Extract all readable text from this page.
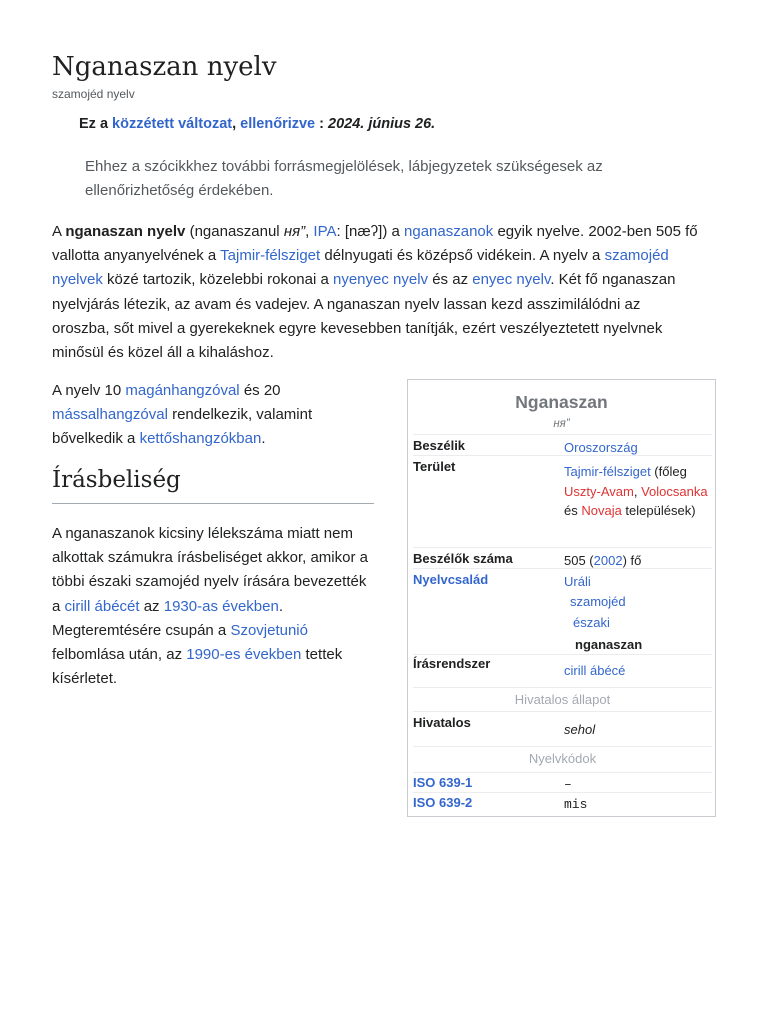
Nganaszan nyelv
szamojéd nyelv
Ez a közzétett változat, ellenőrizve : 2024. június 26.
Ehhez a szócikkhez további forrásmegjelölések, lábjegyzetek szükségesek az ellenőrizhetőség érdekében.

A nganaszan nyelv (nganaszanul ня”, IPA: [næʔ]) a nganaszanok egyik nyelve. 2002-ben 505 fő vallotta anyanyelvének a Tajmir-félsziget délnyugati és középső vidékein. A nyelv a szamojéd nyelvek közé tartozik, közelebbi rokonai a nyenyec nyelv és az enyec nyelv. Két fő nganaszan nyelvjárás létezik, az avam és vadejev. A nganaszan nyelv lassan kezd asszimilálódni az oroszba, sőt mivel a gyerekeknek egyre kevesebben tanítják, ezért veszélyeztetett nyelvnek minősül és közel áll a kihaláshoz.

A nyelv 10 magánhangzóval és 20 mássalhangzóval rendelkezik, valamint bővelkedik a kettőshangzókban.

Írásbeliség

A nganaszanok kicsiny lélekszáma miatt nem alkottak számukra írásbeliséget akkor, amikor a többi északi szamojéd nyelv írására bevezették a cirill ábécét az 1930-as években. Megteremtésére csupán a Szovjetunió felbomlása után, az 1990-es években tettek kísérletet.

Nganaszan
ня”
Beszélik	Oroszország
Terület	Tajmir-félsziget (főleg Uszty-Avam, Volocsanka és Novaja települések)
Beszélők száma	505 (2002) fő
Nyelvcsalád	Uráli
szamojéd
északi
nganaszan
Írásrendszer	cirill ábécé
Hivatalos állapot
Hivatalos	sehol
Nyelvkódok
ISO 639-1	–
ISO 639-2	mis
